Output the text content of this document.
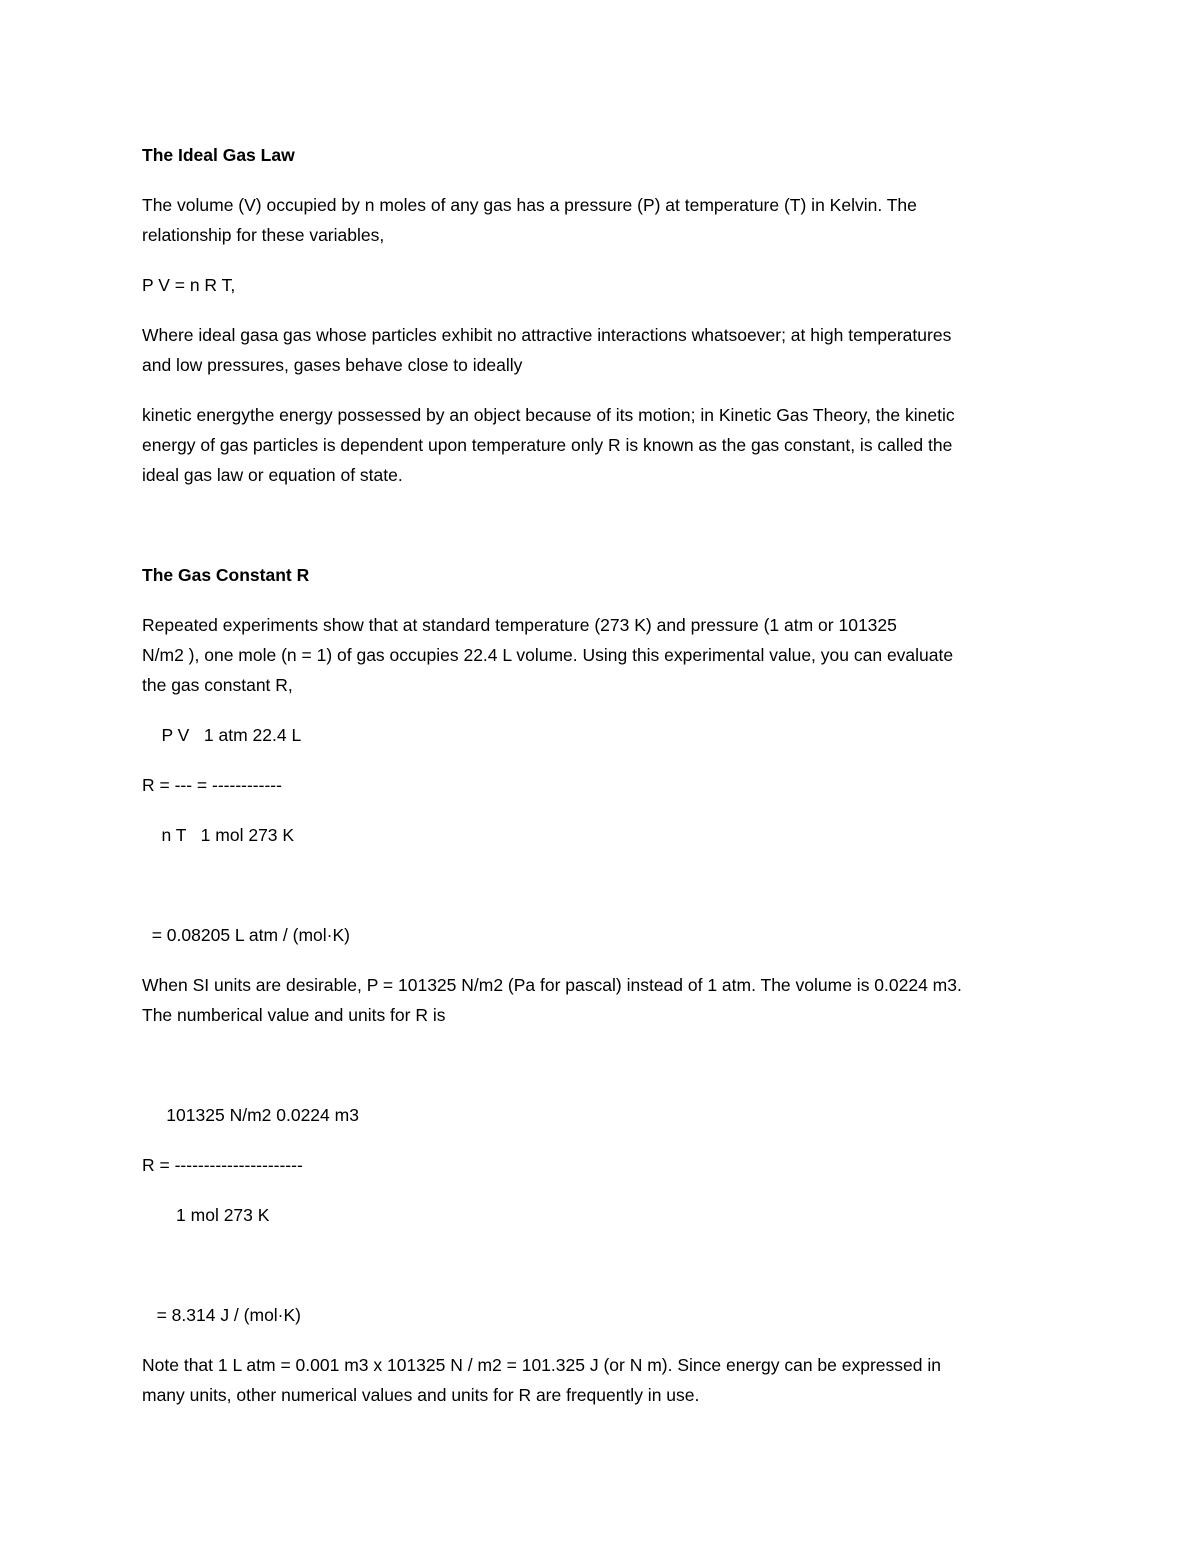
The Ideal Gas Law

The volume (V) occupied by n moles of any gas has a pressure (P) at temperature (T) in Kelvin. The

relationship for these variables,

P V = n R T,

Where ideal gasa gas whose particles exhibit no attractive interactions whatsoever; at high temperatures

and low pressures, gases behave close to ideally

kinetic energythe energy possessed by an object because of its motion; in Kinetic Gas Theory, the kinetic

energy of gas particles is dependent upon temperature only R is known as the gas constant, is called the

ideal gas law or equation of state.

The Gas Constant R

Repeated experiments show that at standard temperature (273 K) and pressure (1 atm or 101325

N/m2 ), one mole (n = 1) of gas occupies 22.4 L volume. Using this experimental value, you can evaluate

the gas constant R,

P V   1 atm 22.4 L

R = --- = ------------

n T   1 mol 273 K

= 0.08205 L atm / (mol·K)

When SI units are desirable, P = 101325 N/m2 (Pa for pascal) instead of 1 atm. The volume is 0.0224 m3.

The numberical value and units for R is

101325 N/m2 0.0224 m3

R = ----------------------

1 mol 273 K

= 8.314 J / (mol·K)

Note that 1 L atm = 0.001 m3 x 101325 N / m2 = 101.325 J (or N m). Since energy can be expressed in

many units, other numerical values and units for R are frequently in use.
